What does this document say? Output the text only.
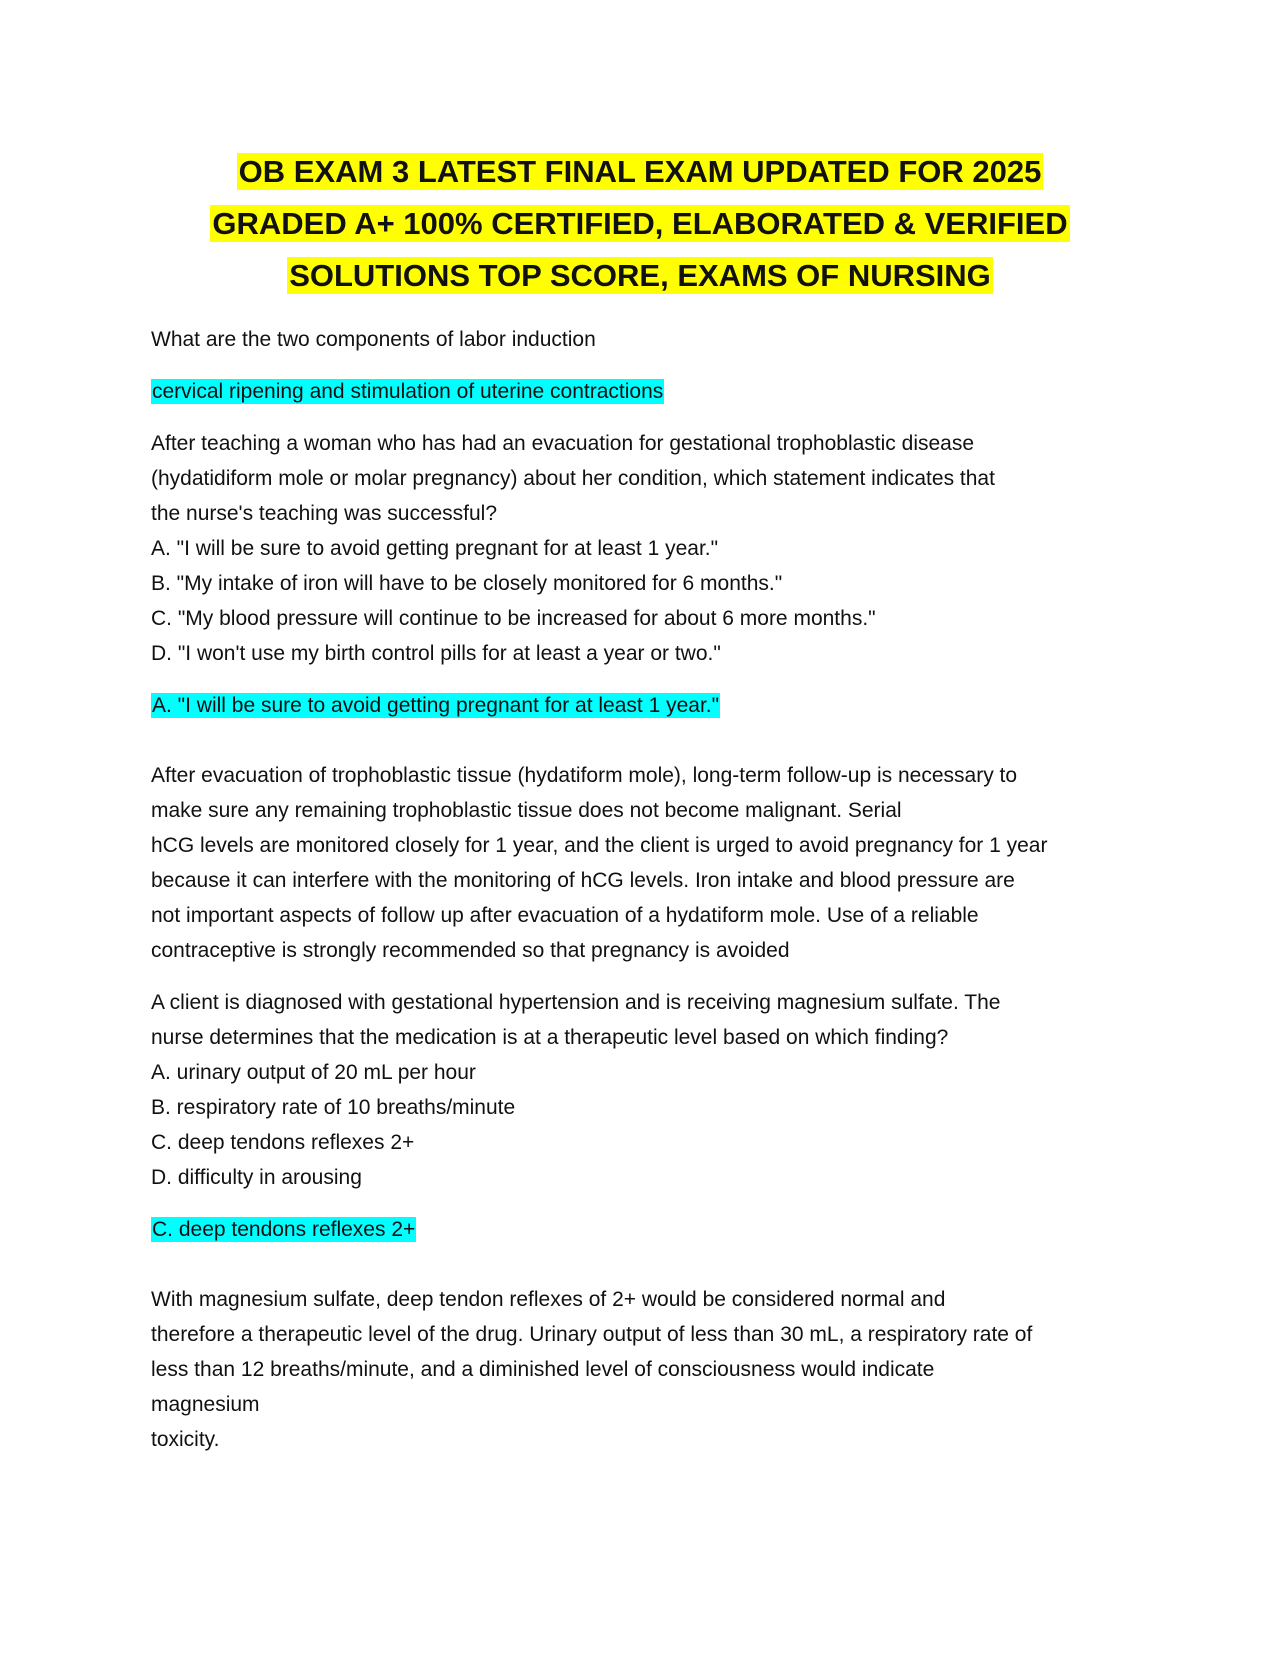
OB EXAM 3 LATEST FINAL EXAM UPDATED FOR 2025
GRADED A+ 100% CERTIFIED, ELABORATED & VERIFIED
SOLUTIONS TOP SCORE, EXAMS OF NURSING

What are the two components of labor induction

cervical ripening and stimulation of uterine contractions

After teaching a woman who has had an evacuation for gestational trophoblastic disease

(hydatidiform mole or molar pregnancy) about her condition, which statement indicates that

the nurse's teaching was successful?

A. "I will be sure to avoid getting pregnant for at least 1 year."

B. "My intake of iron will have to be closely monitored for 6 months."

C. "My blood pressure will continue to be increased for about 6 more months."

D. "I won't use my birth control pills for at least a year or two."

A. "I will be sure to avoid getting pregnant for at least 1 year."

After evacuation of trophoblastic tissue (hydatiform mole), long-term follow-up is necessary to

make sure any remaining trophoblastic tissue does not become malignant. Serial

hCG levels are monitored closely for 1 year, and the client is urged to avoid pregnancy for 1 year

because it can interfere with the monitoring of hCG levels. Iron intake and blood pressure are

not important aspects of follow up after evacuation of a hydatiform mole. Use of a reliable

contraceptive is strongly recommended so that pregnancy is avoided

A client is diagnosed with gestational hypertension and is receiving magnesium sulfate. The

nurse determines that the medication is at a therapeutic level based on which finding?

A. urinary output of 20 mL per hour

B. respiratory rate of 10 breaths/minute

C. deep tendons reflexes 2+

D. difficulty in arousing

C. deep tendons reflexes 2+

With magnesium sulfate, deep tendon reflexes of 2+ would be considered normal and

therefore a therapeutic level of the drug. Urinary output of less than 30 mL, a respiratory rate of

less than 12 breaths/minute, and a diminished level of consciousness would indicate

magnesium

toxicity.
